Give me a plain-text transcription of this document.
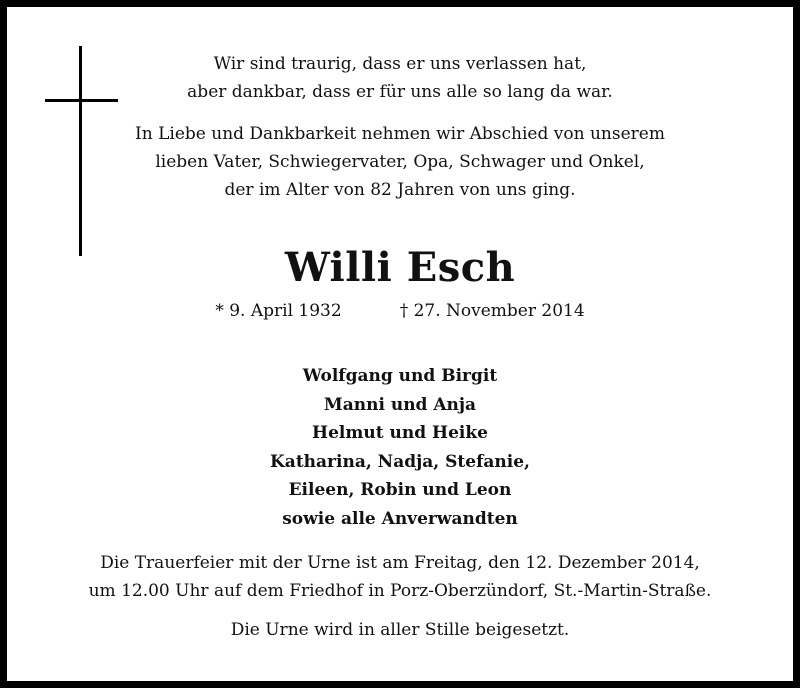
Wir sind traurig, dass er uns verlassen hat,
aber dankbar, dass er für uns alle so lang da war.
In Liebe und Dankbarkeit nehmen wir Abschied von unserem
lieben Vater, Schwiegervater, Opa, Schwager und Onkel,
der im Alter von 82 Jahren von uns ging.
Willi Esch
* 9. April 1932	† 27. November 2014
Wolfgang und Birgit
Manni und Anja
Helmut und Heike
Katharina, Nadja, Stefanie,
Eileen, Robin und Leon
sowie alle Anverwandten
Die Trauerfeier mit der Urne ist am Freitag, den 12. Dezember 2014,
um 12.00 Uhr auf dem Friedhof in Porz-Oberzündorf, St.-Martin-Straße.
Die Urne wird in aller Stille beigesetzt.
